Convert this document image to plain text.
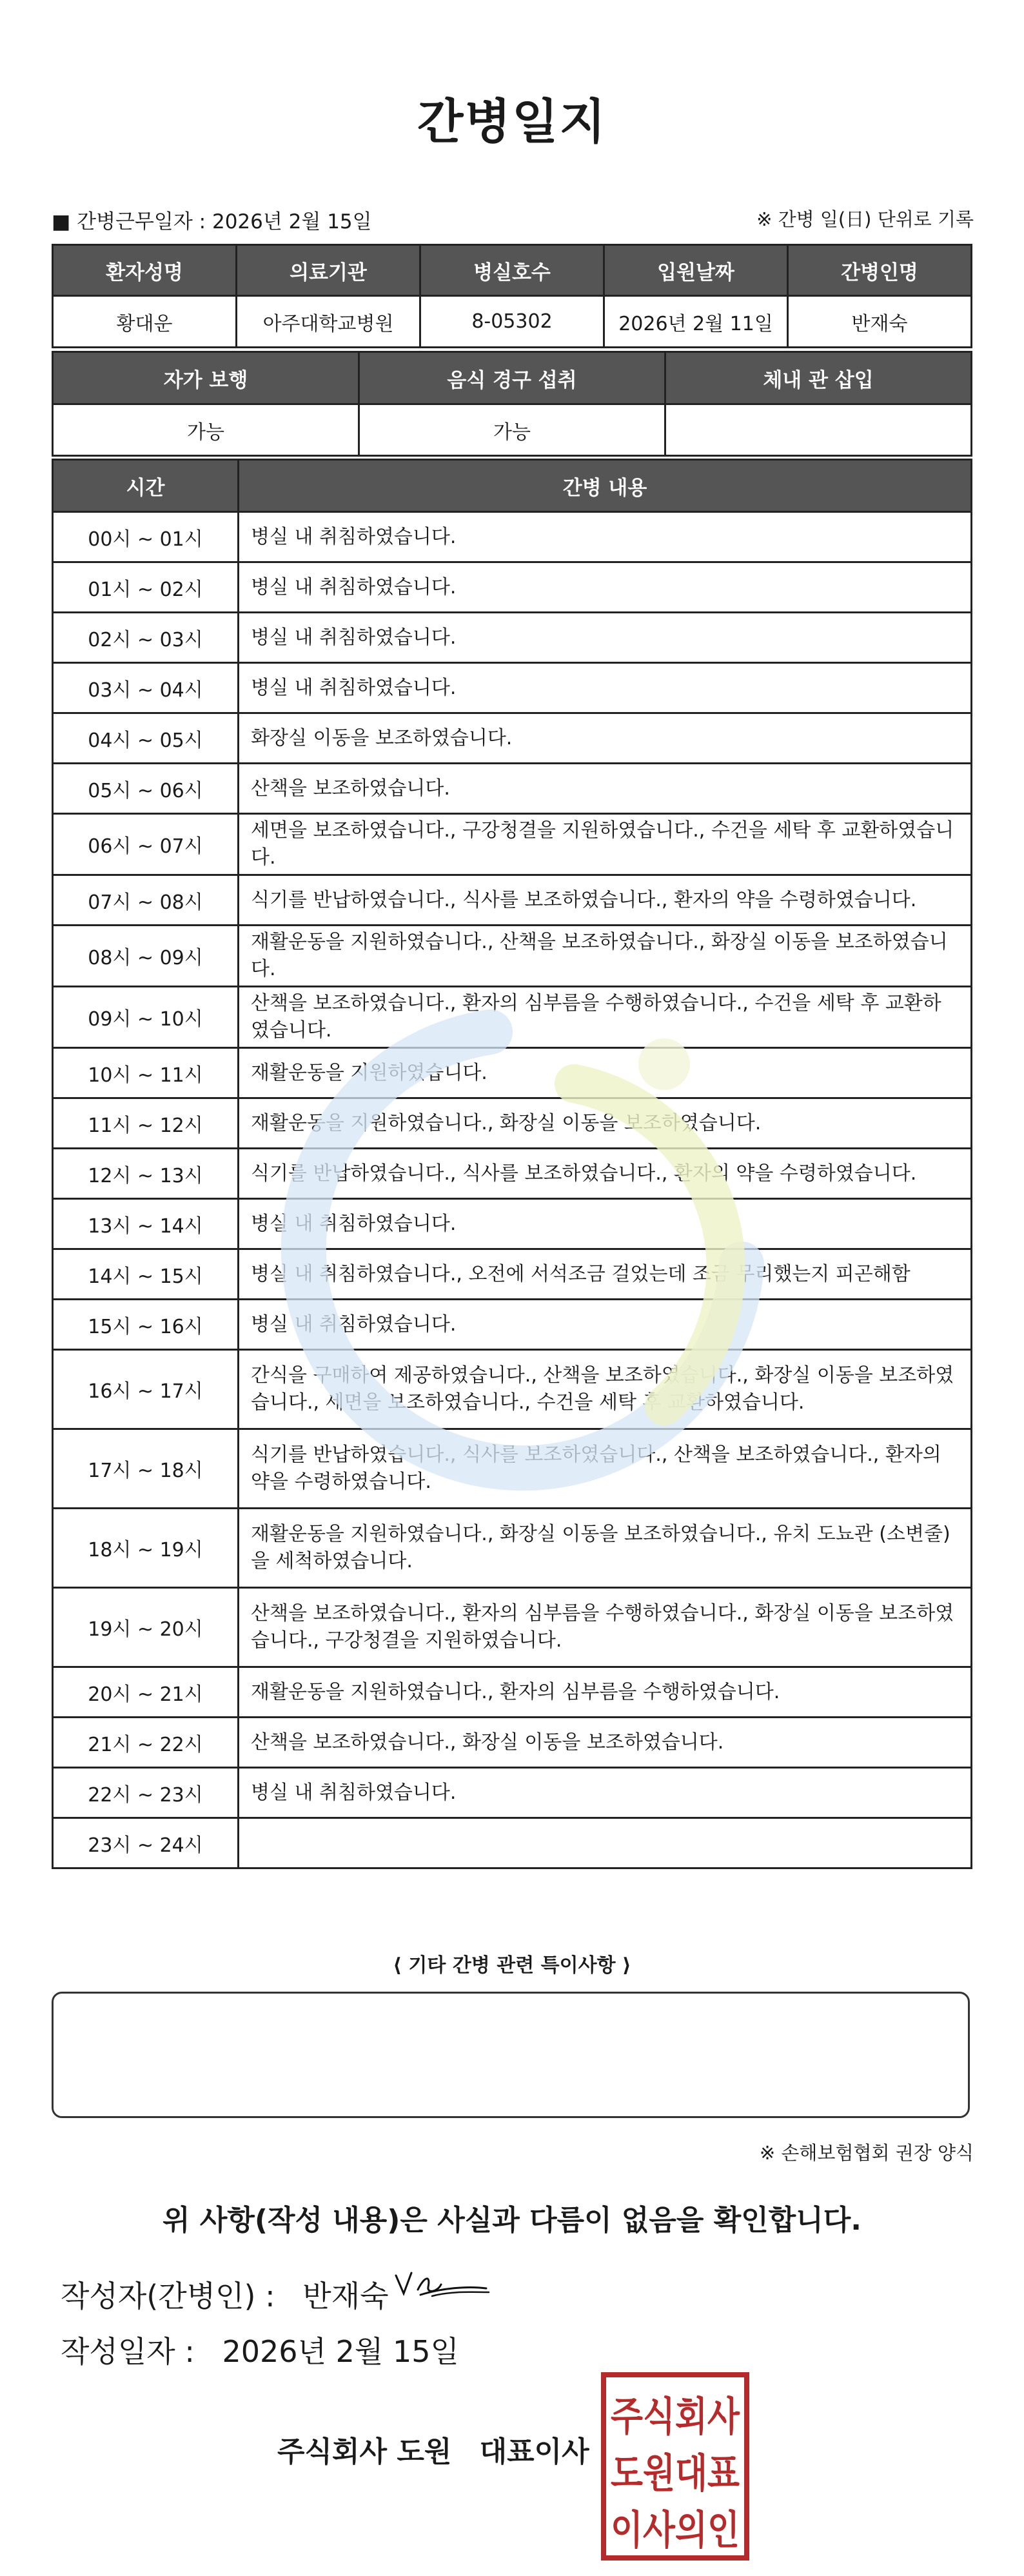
간병일지
■ 간병근무일자 : 2026년 2월 15일	※ 간병 일(日) 단위로 기록
환자성명	의료기관	병실호수	입원날짜	간병인명
황대운	아주대학교병원	8-05302	2026년 2월 11일	반재숙
자가 보행	음식 경구 섭취	체내 관 삽입
가능	가능	
시간	간병 내용
00시 ~ 01시	병실 내 취침하였습니다.
01시 ~ 02시	병실 내 취침하였습니다.
02시 ~ 03시	병실 내 취침하였습니다.
03시 ~ 04시	병실 내 취침하였습니다.
04시 ~ 05시	화장실 이동을 보조하였습니다.
05시 ~ 06시	산책을 보조하였습니다.
06시 ~ 07시	세면을 보조하였습니다., 구강청결을 지원하였습니다., 수건을 세탁 후 교환하였습니다.
07시 ~ 08시	식기를 반납하였습니다., 식사를 보조하였습니다., 환자의 약을 수령하였습니다.
08시 ~ 09시	재활운동을 지원하였습니다., 산책을 보조하였습니다., 화장실 이동을 보조하였습니다.
09시 ~ 10시	산책을 보조하였습니다., 환자의 심부름을 수행하였습니다., 수건을 세탁 후 교환하였습니다.
10시 ~ 11시	재활운동을 지원하였습니다.
11시 ~ 12시	재활운동을 지원하였습니다., 화장실 이동을 보조하였습니다.
12시 ~ 13시	식기를 반납하였습니다., 식사를 보조하였습니다., 환자의 약을 수령하였습니다.
13시 ~ 14시	병실 내 취침하였습니다.
14시 ~ 15시	병실 내 취침하였습니다., 오전에 서석조금 걸었는데 조금 무리했는지 피곤해함
15시 ~ 16시	병실 내 취침하였습니다.
16시 ~ 17시	간식을 구매하여 제공하였습니다., 산책을 보조하였습니다., 화장실 이동을 보조하였습니다., 세면을 보조하였습니다., 수건을 세탁 후 교환하였습니다.
17시 ~ 18시	식기를 반납하였습니다., 식사를 보조하였습니다., 산책을 보조하였습니다., 환자의 약을 수령하였습니다.
18시 ~ 19시	재활운동을 지원하였습니다., 화장실 이동을 보조하였습니다., 유치 도뇨관 (소변줄)을 세척하였습니다.
19시 ~ 20시	산책을 보조하였습니다., 환자의 심부름을 수행하였습니다., 화장실 이동을 보조하였습니다., 구강청결을 지원하였습니다.
20시 ~ 21시	재활운동을 지원하였습니다., 환자의 심부름을 수행하였습니다.
21시 ~ 22시	산책을 보조하였습니다., 화장실 이동을 보조하였습니다.
22시 ~ 23시	병실 내 취침하였습니다.
23시 ~ 24시	
⟨ 기타 간병 관련 특이사항 ⟩
※ 손해보험협회 권장 양식
위 사항(작성 내용)은 사실과 다름이 없음을 확인합니다.
작성자(간병인) : 반재숙
작성일자 : 2026년 2월 15일
주식회사 도원 대표이사
주식회사
도원대표
이사의인
